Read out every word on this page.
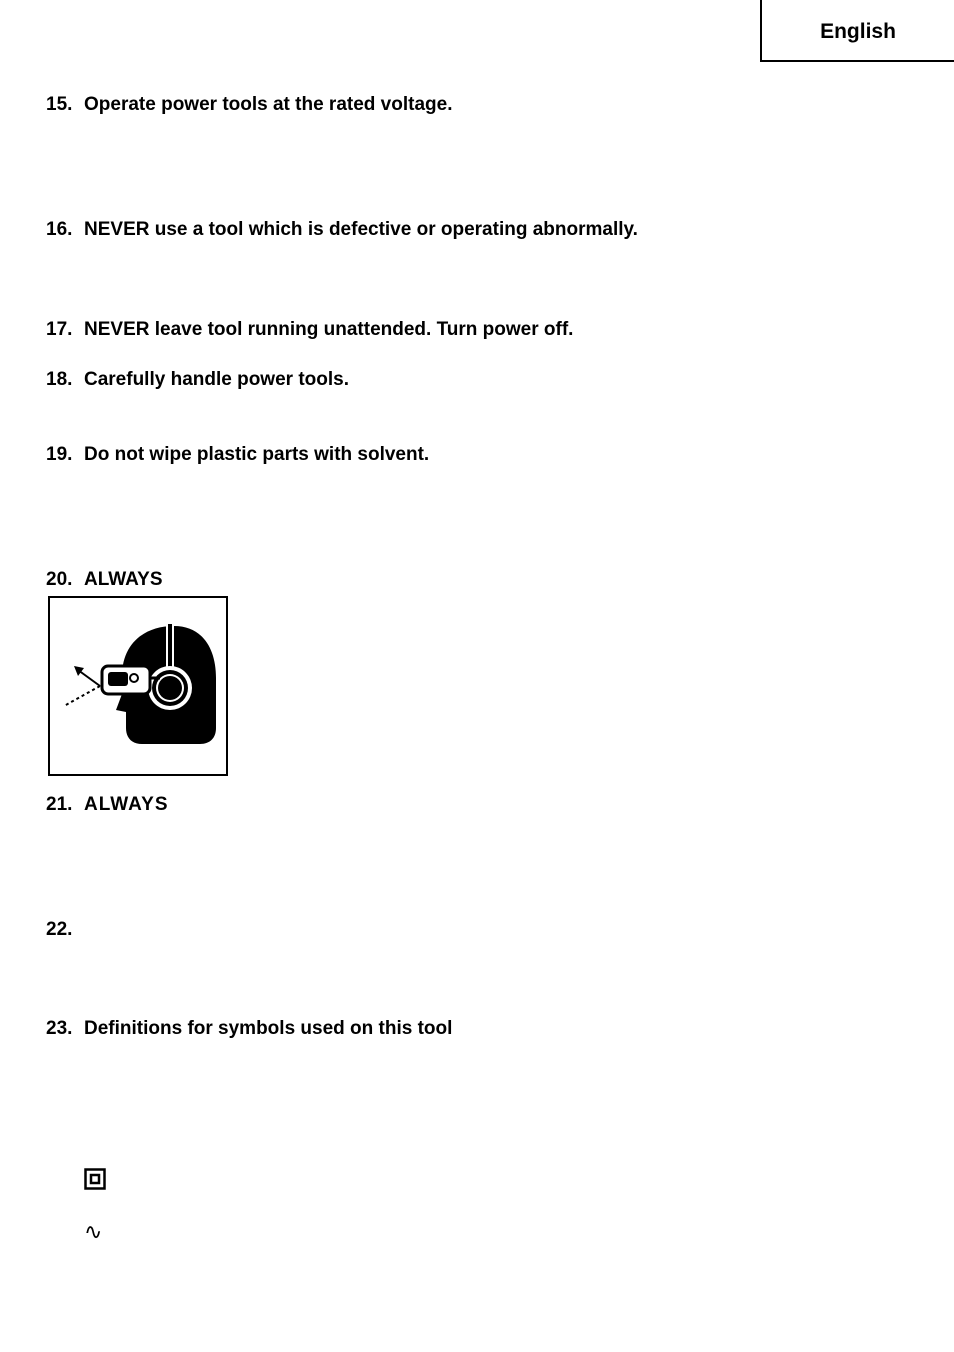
English
15. Operate power tools at the rated voltage.
16. NEVER use a tool which is defective or operating abnormally.
17. NEVER leave tool running unattended. Turn power off.
18. Carefully handle power tools.
19. Do not wipe plastic parts with solvent.
20. ALWAYS
21. ALWAYS
22.
23. Definitions for symbols used on this tool
∿
